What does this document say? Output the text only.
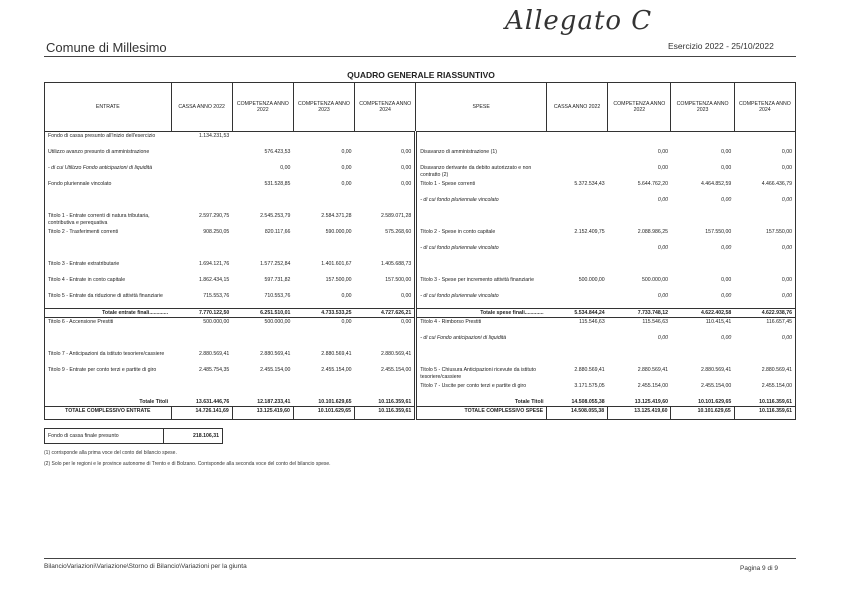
Allegato C
Comune di Millesimo	Esercizio 2022 - 25/10/2022
QUADRO GENERALE RIASSUNTIVO
ENTRATE	CASSA ANNO 2022	COMPETENZA ANNO 2022	COMPETENZA ANNO 2023	COMPETENZA ANNO 2024	SPESE	CASSA ANNO 2022	COMPETENZA ANNO 2022	COMPETENZA ANNO 2023	COMPETENZA ANNO 2024
Fondo di cassa presunto all'inizio dell'esercizio	1.134.231,53								
Utilizzo avanzo presunto di amministrazione		576.423,53	0,00	0,00	Disavanzo di amministrazione (1)		0,00	0,00	0,00
- di cui Utilizzo Fondo anticipazioni di liquidità		0,00	0,00	0,00	Disavanzo derivante da debito autorizzato e non contratto (2)		0,00	0,00	0,00
Fondo pluriennale vincolato		531.528,85	0,00	0,00	Titolo 1 - Spese correnti	5.372.534,43	5.644.762,20	4.464.852,59	4.466.436,79
					- di cui fondo pluriennale vincolato		0,00	0,00	0,00
Titolo 1 - Entrate correnti di natura tributaria, contributiva e perequativa	2.597.290,75	2.545.253,79	2.584.371,28	2.589.071,28					
Titolo 2 - Trasferimenti correnti	908.250,05	820.117,66	590.000,00	575.268,60	Titolo 2 - Spese in conto capitale	2.152.409,75	2.088.986,25	157.550,00	157.550,00
					- di cui fondo pluriennale vincolato		0,00	0,00	0,00
Titolo 3 - Entrate extratributarie	1.694.121,76	1.577.252,84	1.401.601,67	1.405.688,73					
Titolo 4 - Entrate in conto capitale	1.862.434,15	597.731,82	157.500,00	157.500,00	Titolo 3 - Spese per incremento attività finanziarie	500.000,00	500.000,00	0,00	0,00
Titolo 5 - Entrate da riduzione di attività finanziarie	715.553,76	710.553,76	0,00	0,00	- di cui fondo pluriennale vincolato		0,00	0,00	0,00
Totale entrate finali.............	7.770.122,50	6.251.510,01	4.733.533,25	4.727.626,21	Totale spese finali.............	5.534.844,24	7.733.748,12	4.622.402,58	4.622.938,76
Titolo 6 - Accensione Prestiti	500.000,00	500.000,00	0,00	0,00	Titolo 4 - Rimborso Prestiti	115.546,63	115.546,63	110.415,41	116.657,45
					- di cui Fondo anticipazioni di liquidità		0,00	0,00	0,00
Titolo 7 - Anticipazioni da istituto tesoriere/cassiere	2.880.569,41	2.880.569,41	2.880.569,41	2.880.569,41					
Titolo 9 - Entrate per conto terzi e partite di giro	2.485.754,35	2.455.154,00	2.455.154,00	2.455.154,00	Titolo 5 - Chiusura Anticipazioni ricevute da istituto tesoriere/cassiere	2.880.569,41	2.880.569,41	2.880.569,41	2.880.569,41
					Titolo 7 - Uscite per conto terzi e partite di giro	3.171.575,05	2.455.154,00	2.455.154,00	2.455.154,00
Totale Titoli	13.631.446,76	12.187.233,41	10.101.629,65	10.116.359,61	Totale Titoli	14.508.055,38	13.125.419,60	10.101.629,65	10.116.359,61
TOTALE COMPLESSIVO ENTRATE	14.726.141,69	13.125.419,60	10.101.629,65	10.116.359,61	TOTALE COMPLESSIVO SPESE	14.508.055,38	13.125.419,60	10.101.629,65	10.116.359,61
Fondo di cassa finale presunto	218.106,31
(1) corrisponde alla prima voce del conto del bilancio spese.
(2) Solo per le regioni e le province autonome di Trento e di Bolzano. Corrisponde alla seconda voce del conto del bilancio spese.
BilancioVariazioni\Variazione\Storno di Bilancio\Variazioni per la giunta	Pagina 9 di 9
